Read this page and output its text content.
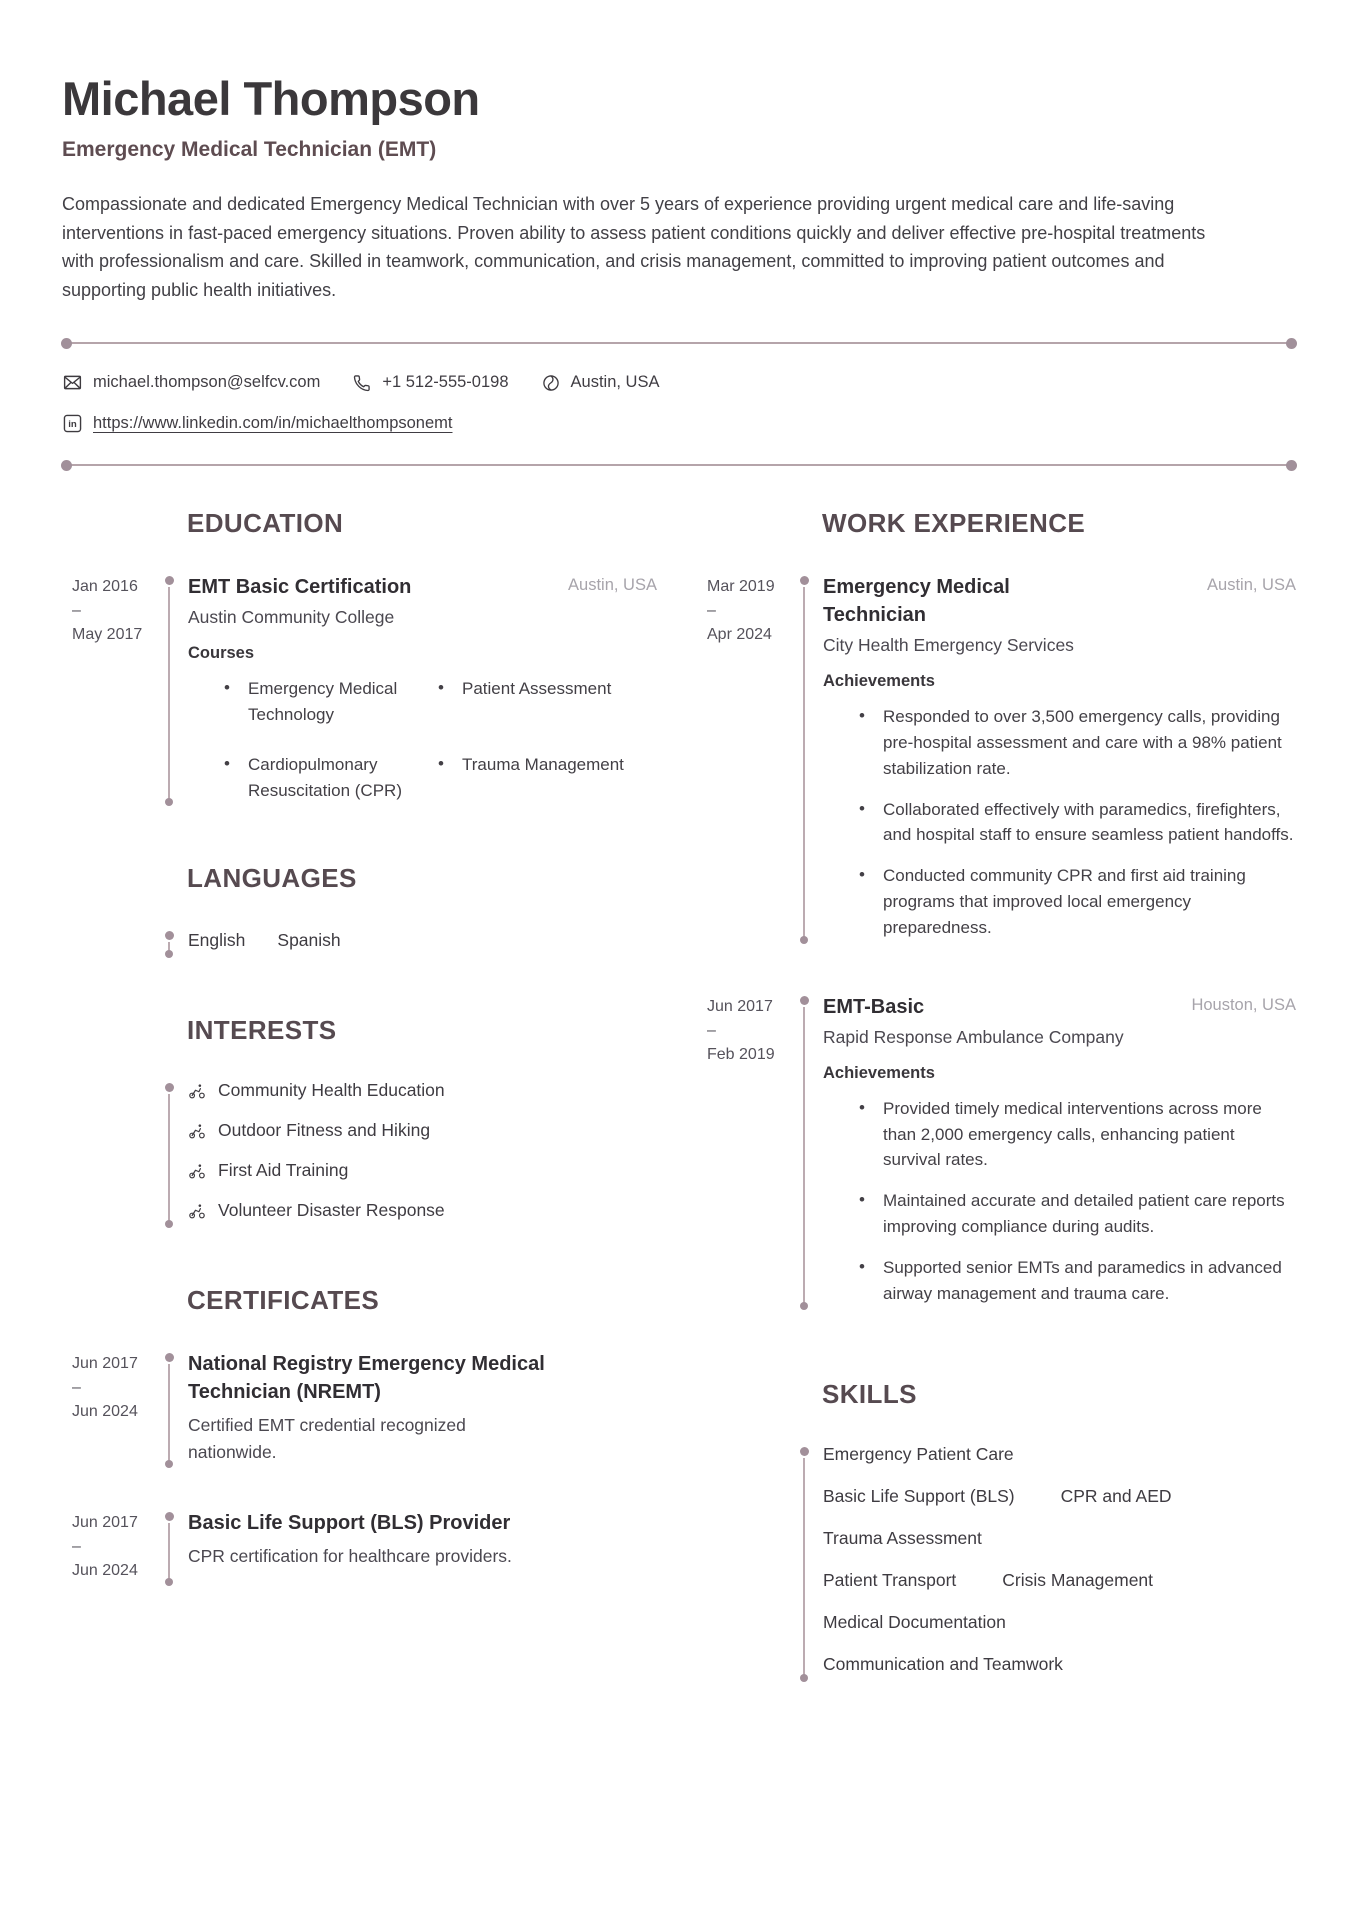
Michael Thompson
Emergency Medical Technician (EMT)

Compassionate and dedicated Emergency Medical Technician with over 5 years of experience providing urgent medical care and life-saving interventions in fast-paced emergency situations. Proven ability to assess patient conditions quickly and deliver effective pre-hospital treatments with professionalism and care. Skilled in teamwork, communication, and crisis management, committed to improving patient outcomes and supporting public health initiatives.

michael.thompson@selfcv.com	+1 512-555-0198	Austin, USA
in https://www.linkedin.com/in/michaelthompsonemt
EDUCATION
Jan 2016
–
May 2017
EMT Basic Certification	Austin, USA
Austin Community College
Courses
• Emergency Medical Technology
• Patient Assessment
• Cardiopulmonary Resuscitation (CPR)
• Trauma Management
LANGUAGES
English Spanish
INTERESTS
Community Health Education
Outdoor Fitness and Hiking
First Aid Training
Volunteer Disaster Response
CERTIFICATES
Jun 2017
–
Jun 2024
National Registry Emergency Medical Technician (NREMT)
Certified EMT credential recognized nationwide.
Jun 2017
–
Jun 2024
Basic Life Support (BLS) Provider
CPR certification for healthcare providers.
WORK EXPERIENCE
Mar 2019
–
Apr 2024
Emergency Medical Technician
Austin, USA
City Health Emergency Services
Achievements
• Responded to over 3,500 emergency calls, providing pre-hospital assessment and care with a 98% patient stabilization rate.
• Collaborated effectively with paramedics, firefighters, and hospital staff to ensure seamless patient handoffs.
• Conducted community CPR and first aid training programs that improved local emergency preparedness.
Jun 2017
–
Feb 2019
EMT-Basic	Houston, USA
Rapid Response Ambulance Company
Achievements
• Provided timely medical interventions across more than 2,000 emergency calls, enhancing patient survival rates.
• Maintained accurate and detailed patient care reports improving compliance during audits.
• Supported senior EMTs and paramedics in advanced airway management and trauma care.
SKILLS
Emergency Patient Care
Basic Life Support (BLS)	CPR and AED
Trauma Assessment
Patient Transport	Crisis Management
Medical Documentation
Communication and Teamwork
